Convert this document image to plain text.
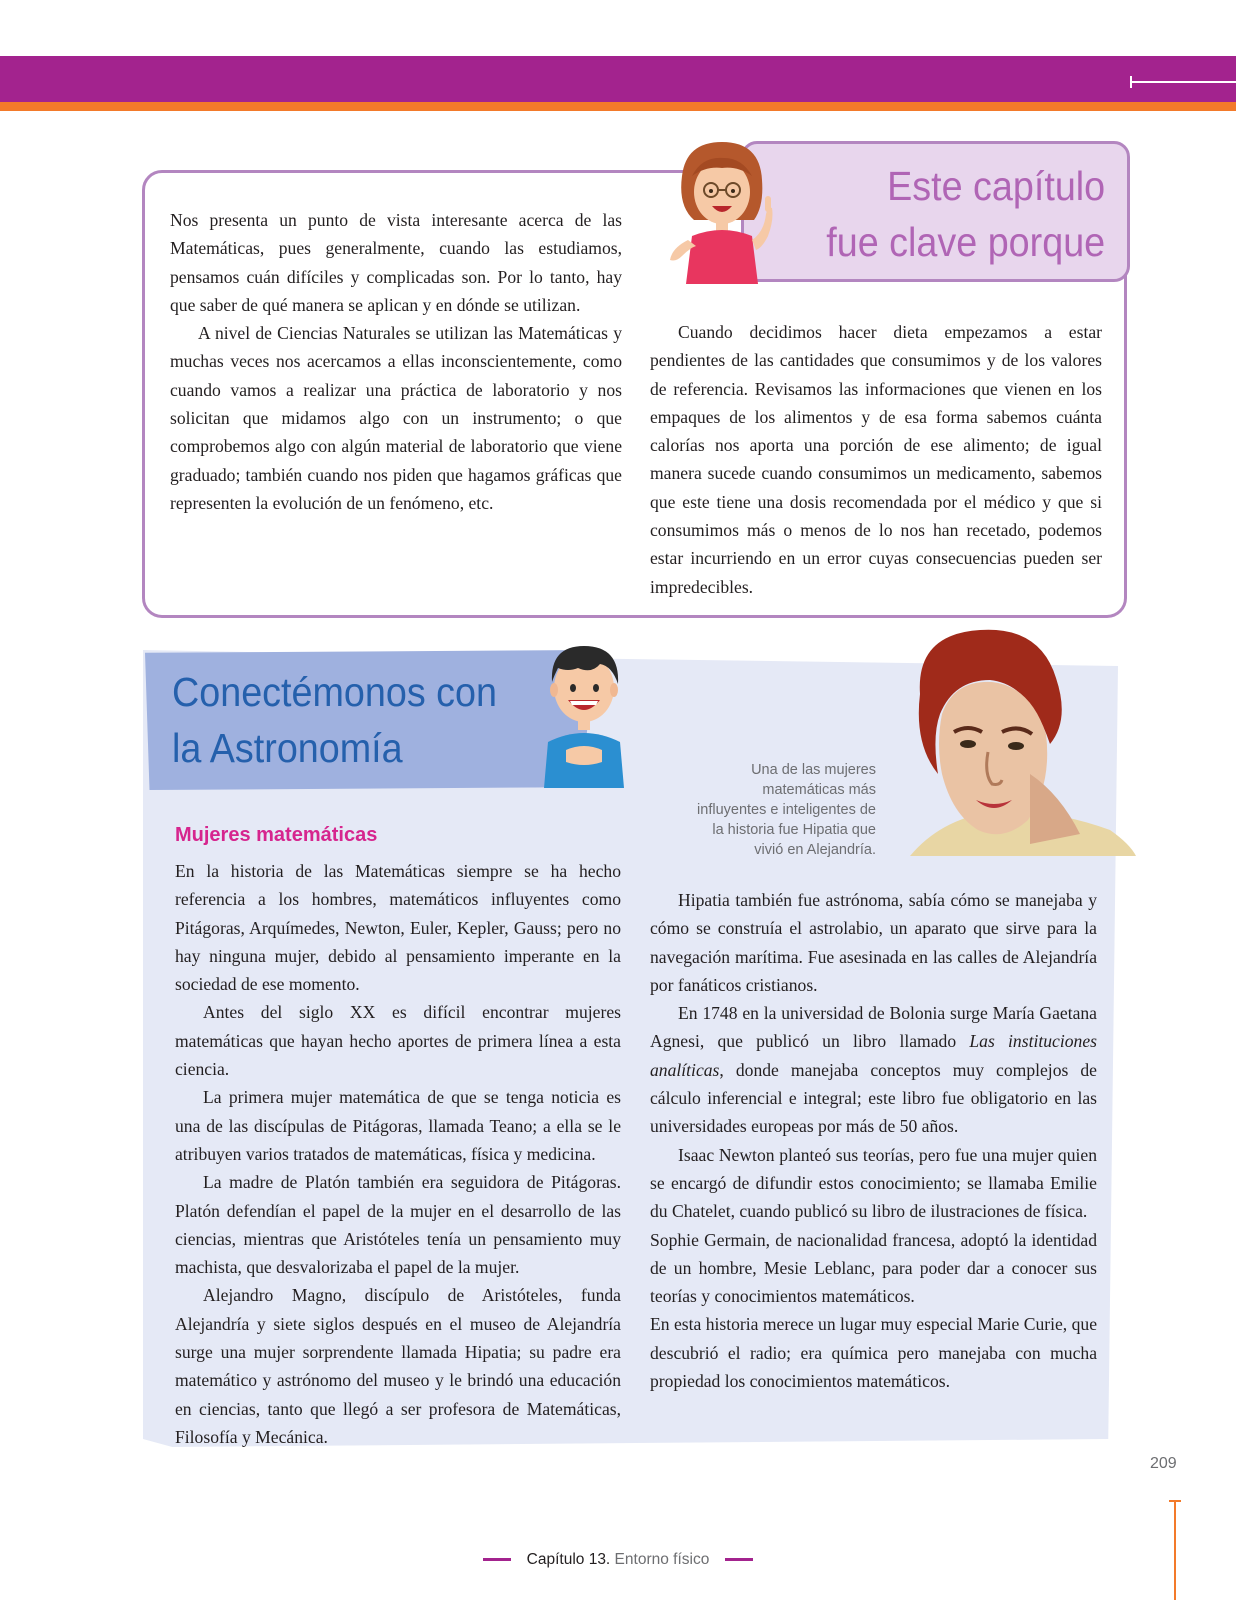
Este capítulo
fue clave porque

Nos presenta un punto de vista interesante acerca de las Matemáticas, pues generalmente, cuando las estudiamos, pensamos cuán difíciles y complicadas son. Por lo tanto, hay que saber de qué manera se aplican y en dónde se utilizan.

A nivel de Ciencias Naturales se utilizan las Matemáticas y muchas veces nos acercamos a ellas inconscientemente, como cuando vamos a realizar una práctica de laboratorio y nos solicitan que midamos algo con un instrumento; o que comprobemos algo con algún material de laboratorio que viene graduado; también cuando nos piden que hagamos gráficas que representen la evolución de un fenómeno, etc.

Cuando decidimos hacer dieta empezamos a estar pendientes de las cantidades que consumimos y de los valores de referencia. Revisamos las informaciones que vienen en los empaques de los alimentos y de esa forma sabemos cuánta calorías nos aporta una porción de ese alimento; de igual manera sucede cuando consumimos un medicamento, sabemos que este tiene una dosis recomendada por el médico y que si consumimos más o menos de lo nos han recetado, podemos estar incurriendo en un error cuyas consecuencias pueden ser impredecibles.

Conectémonos con
la Astronomía	Una de las mujeres matemáticas más influyentes e inteligentes de la historia fue Hipatia que vivió en Alejandría.

Mujeres matemáticas

En la historia de las Matemáticas siempre se ha hecho referencia a los hombres, matemáticos influyentes como Pitágoras, Arquímedes, Newton, Euler, Kepler, Gauss; pero no hay ninguna mujer, debido al pensamiento imperante en la sociedad de ese momento.

Antes del siglo XX es difícil encontrar mujeres matemáticas que hayan hecho aportes de primera línea a esta ciencia.

La primera mujer matemática de que se tenga noticia es una de las discípulas de Pitágoras, llamada Teano; a ella se le atribuyen varios tratados de matemáticas, física y medicina.

La madre de Platón también era seguidora de Pitágoras. Platón defendían el papel de la mujer en el desarrollo de las ciencias, mientras que Aristóteles tenía un pensamiento muy machista, que desvalorizaba el papel de la mujer.

Alejandro Magno, discípulo de Aristóteles, funda Alejandría y siete siglos después en el museo de Alejandría surge una mujer sorprendente llamada Hipatia; su padre era matemático y astrónomo del museo y le brindó una educación en ciencias, tanto que llegó a ser profesora de Matemáticas, Filosofía y Mecánica.

Hipatia también fue astrónoma, sabía cómo se manejaba y cómo se construía el astrolabio, un aparato que sirve para la navegación marítima. Fue asesinada en las calles de Alejandría por fanáticos cristianos.

En 1748 en la universidad de Bolonia surge María Gaetana Agnesi, que publicó un libro llamado Las instituciones analíticas, donde manejaba conceptos muy complejos de cálculo inferencial e integral; este libro fue obligatorio en las universidades europeas por más de 50 años.

Isaac Newton planteó sus teorías, pero fue una mujer quien se encargó de difundir estos conocimiento; se llamaba Emilie du Chatelet, cuando publicó su libro de ilustraciones de física.

Sophie Germain, de nacionalidad francesa, adoptó la identidad de un hombre, Mesie Leblanc, para poder dar a conocer sus teorías y conocimientos matemáticos.

En esta historia merece un lugar muy especial Marie Curie, que descubrió el radio; era química pero manejaba con mucha propiedad los conocimientos matemáticos.

209

Capítulo 13. Entorno físico
